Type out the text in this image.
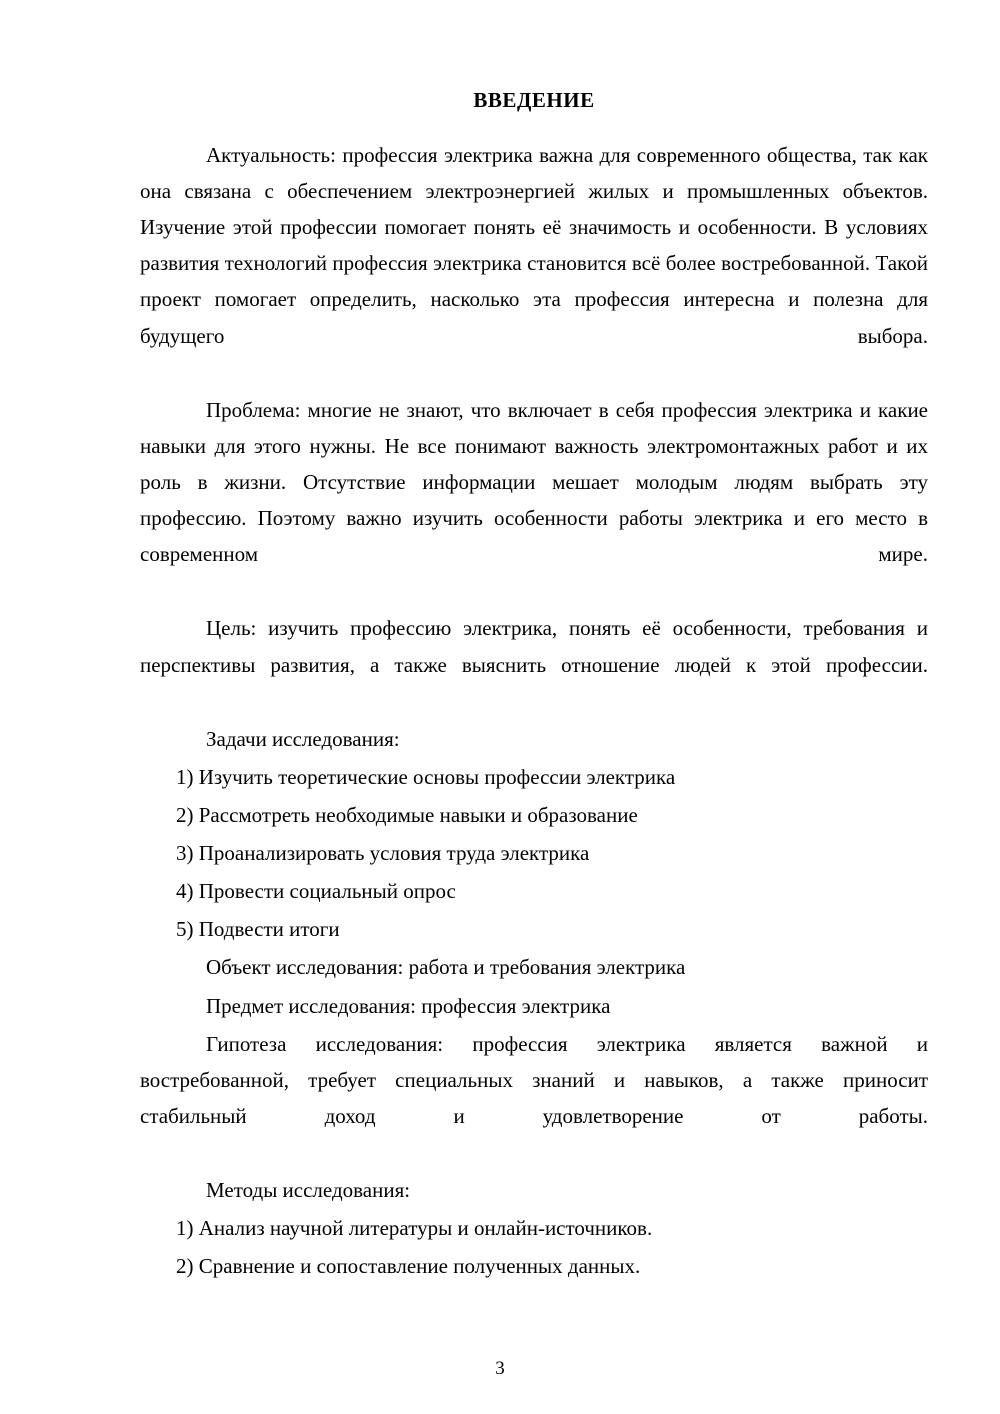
ВВЕДЕНИЕ

Актуальность: профессия электрика важна для современного общества, так как она связана с обеспечением электроэнергией жилых и промышленных объектов. Изучение этой профессии помогает понять её значимость и особенности. В условиях развития технологий профессия электрика становится всё более востребованной. Такой проект помогает определить, насколько эта профессия интересна и полезна для будущего выбора.

Проблема: многие не знают, что включает в себя профессия электрика и какие навыки для этого нужны. Не все понимают важность электромонтажных работ и их роль в жизни. Отсутствие информации мешает молодым людям выбрать эту профессию. Поэтому важно изучить особенности работы электрика и его место в современном мире.

Цель: изучить профессию электрика, понять её особенности, требования и перспективы развития, а также выяснить отношение людей к этой профессии.

Задачи исследования:

1) Изучить теоретические основы профессии электрика

2) Рассмотреть необходимые навыки и образование

3) Проанализировать условия труда электрика

4) Провести социальный опрос

5) Подвести итоги

Объект исследования: работа и требования электрика

Предмет исследования: профессия электрика

Гипотеза исследования: профессия электрика является важной и востребованной, требует специальных знаний и навыков, а также приносит стабильный доход и удовлетворение от работы.

Методы исследования:

1) Анализ научной литературы и онлайн-источников.

2) Сравнение и сопоставление полученных данных.

3
